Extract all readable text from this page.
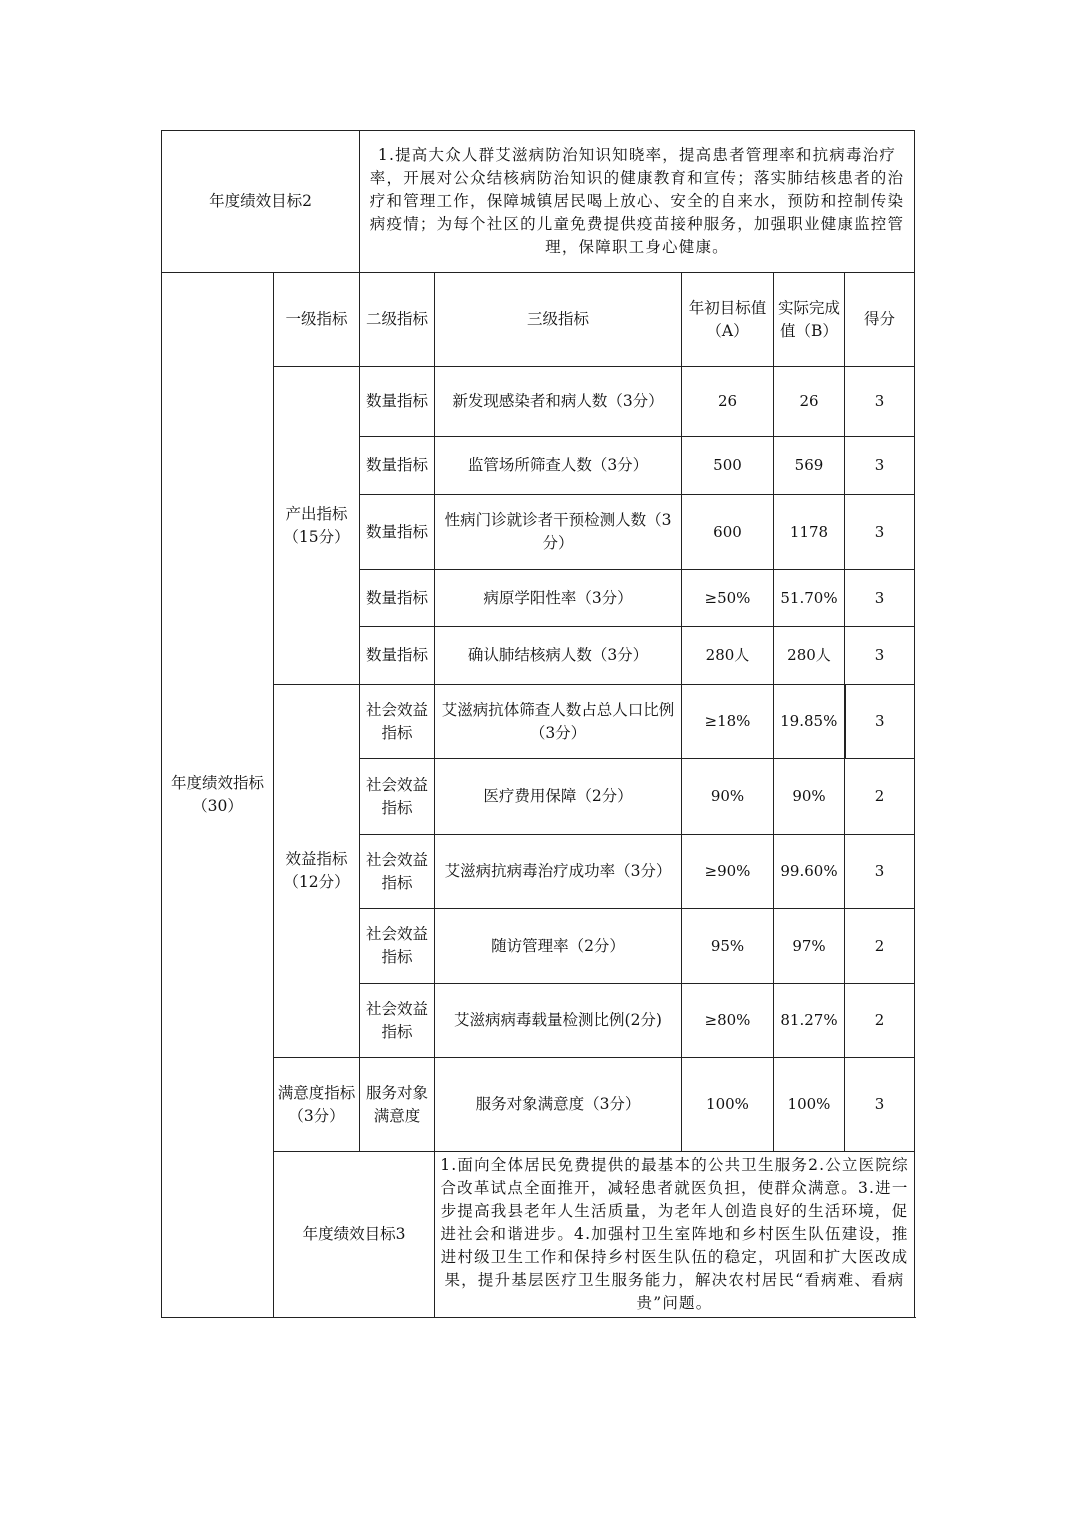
年度绩效目标2		1.提高大众人群艾滋病防治知识知晓率，提高患者管理率和抗病毒治疗率，开展对公众结核病防治知识的健康教育和宣传；落实肺结核患者的治疗和管理工作，保障城镇居民喝上放心、安全的自来水，预防和控制传染病疫情；为每个社区的儿童免费提供疫苗接种服务，加强职业健康监控管理，保障职工身心健康。				
年度绩效指标（30）	一级指标	二级指标	三级指标	年初目标值（A）	实际完成值（B）	得分
	产出指标（15分）	数量指标	新发现感染者和病人数（3分）	26	26	3
		数量指标	监管场所筛查人数（3分）	500	569	3
		数量指标	性病门诊就诊者干预检测人数（3分）	600	1178	3
		数量指标	病原学阳性率（3分）	≥50%	51.70%	3
		数量指标	确认肺结核病人数（3分）	280人	280人	3
	效益指标（12分）	社会效益指标	艾滋病抗体筛查人数占总人口比例（3分）	≥18%	19.85%	3
		社会效益指标	医疗费用保障（2分）	90%	90%	2
		社会效益指标	艾滋病抗病毒治疗成功率（3分）	≥90%	99.60%	3
		社会效益指标	随访管理率（2分）	95%	97%	2
		社会效益指标	艾滋病病毒载量检测比例(2分)	≥80%	81.27%	2
	满意度指标（3分）	服务对象满意度	服务对象满意度（3分）	100%	100%	3
	年度绩效目标3		1.面向全体居民免费提供的最基本的公共卫生服务2.公立医院综合改革试点全面推开，减轻患者就医负担，使群众满意。3.进一步提高我县老年人生活质量，为老年人创造良好的生活环境，促进社会和谐进步。4.加强村卫生室阵地和乡村医生队伍建设，推进村级卫生工作和保持乡村医生队伍的稳定，巩固和扩大医改成果，提升基层医疗卫生服务能力，解决农村居民“看病难、看病贵”问题。			
